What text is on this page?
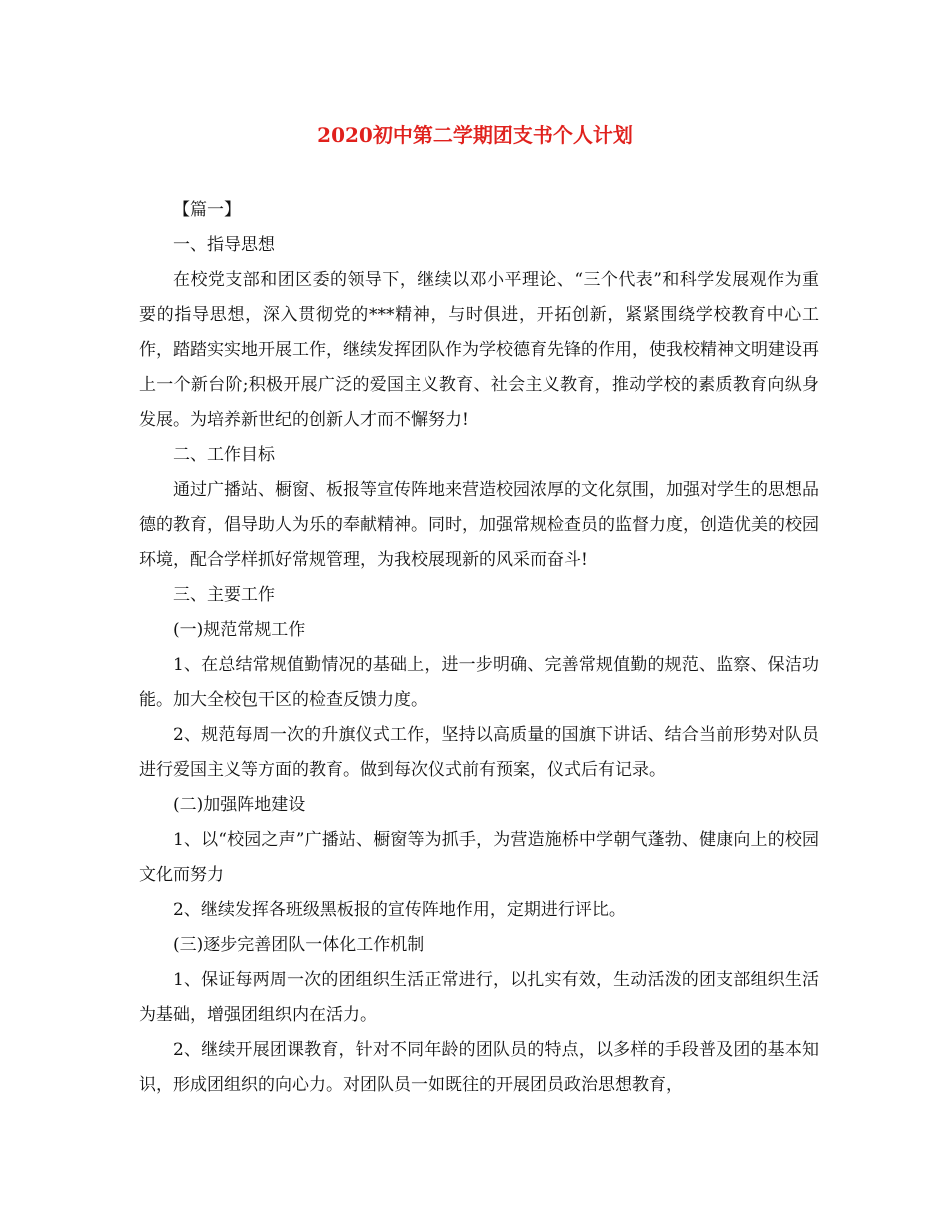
2020初中第二学期团支书个人计划

【篇一】

一、指导思想

在校党支部和团区委的领导下，继续以邓小平理论、“三个代表”和科学发展观作为重要的指导思想，深入贯彻党的***精神，与时俱进，开拓创新，紧紧围绕学校教育中心工作，踏踏实实地开展工作，继续发挥团队作为学校德育先锋的作用，使我校精神文明建设再上一个新台阶;积极开展广泛的爱国主义教育、社会主义教育，推动学校的素质教育向纵身发展。为培养新世纪的创新人才而不懈努力!

二、工作目标

通过广播站、橱窗、板报等宣传阵地来营造校园浓厚的文化氛围，加强对学生的思想品德的教育，倡导助人为乐的奉献精神。同时，加强常规检查员的监督力度，创造优美的校园环境，配合学样抓好常规管理，为我校展现新的风采而奋斗!

三、主要工作

(一)规范常规工作

1、在总结常规值勤情况的基础上，进一步明确、完善常规值勤的规范、监察、保洁功能。加大全校包干区的检查反馈力度。

2、规范每周一次的升旗仪式工作，坚持以高质量的国旗下讲话、结合当前形势对队员进行爱国主义等方面的教育。做到每次仪式前有预案，仪式后有记录。

(二)加强阵地建设

1、以“校园之声”广播站、橱窗等为抓手，为营造施桥中学朝气蓬勃、健康向上的校园文化而努力

2、继续发挥各班级黑板报的宣传阵地作用，定期进行评比。

(三)逐步完善团队一体化工作机制

1、保证每两周一次的团组织生活正常进行，以扎实有效，生动活泼的团支部组织生活为基础，增强团组织内在活力。

2、继续开展团课教育，针对不同年龄的团队员的特点，以多样的手段普及团的基本知识，形成团组织的向心力。对团队员一如既往的开展团员政治思想教育，
